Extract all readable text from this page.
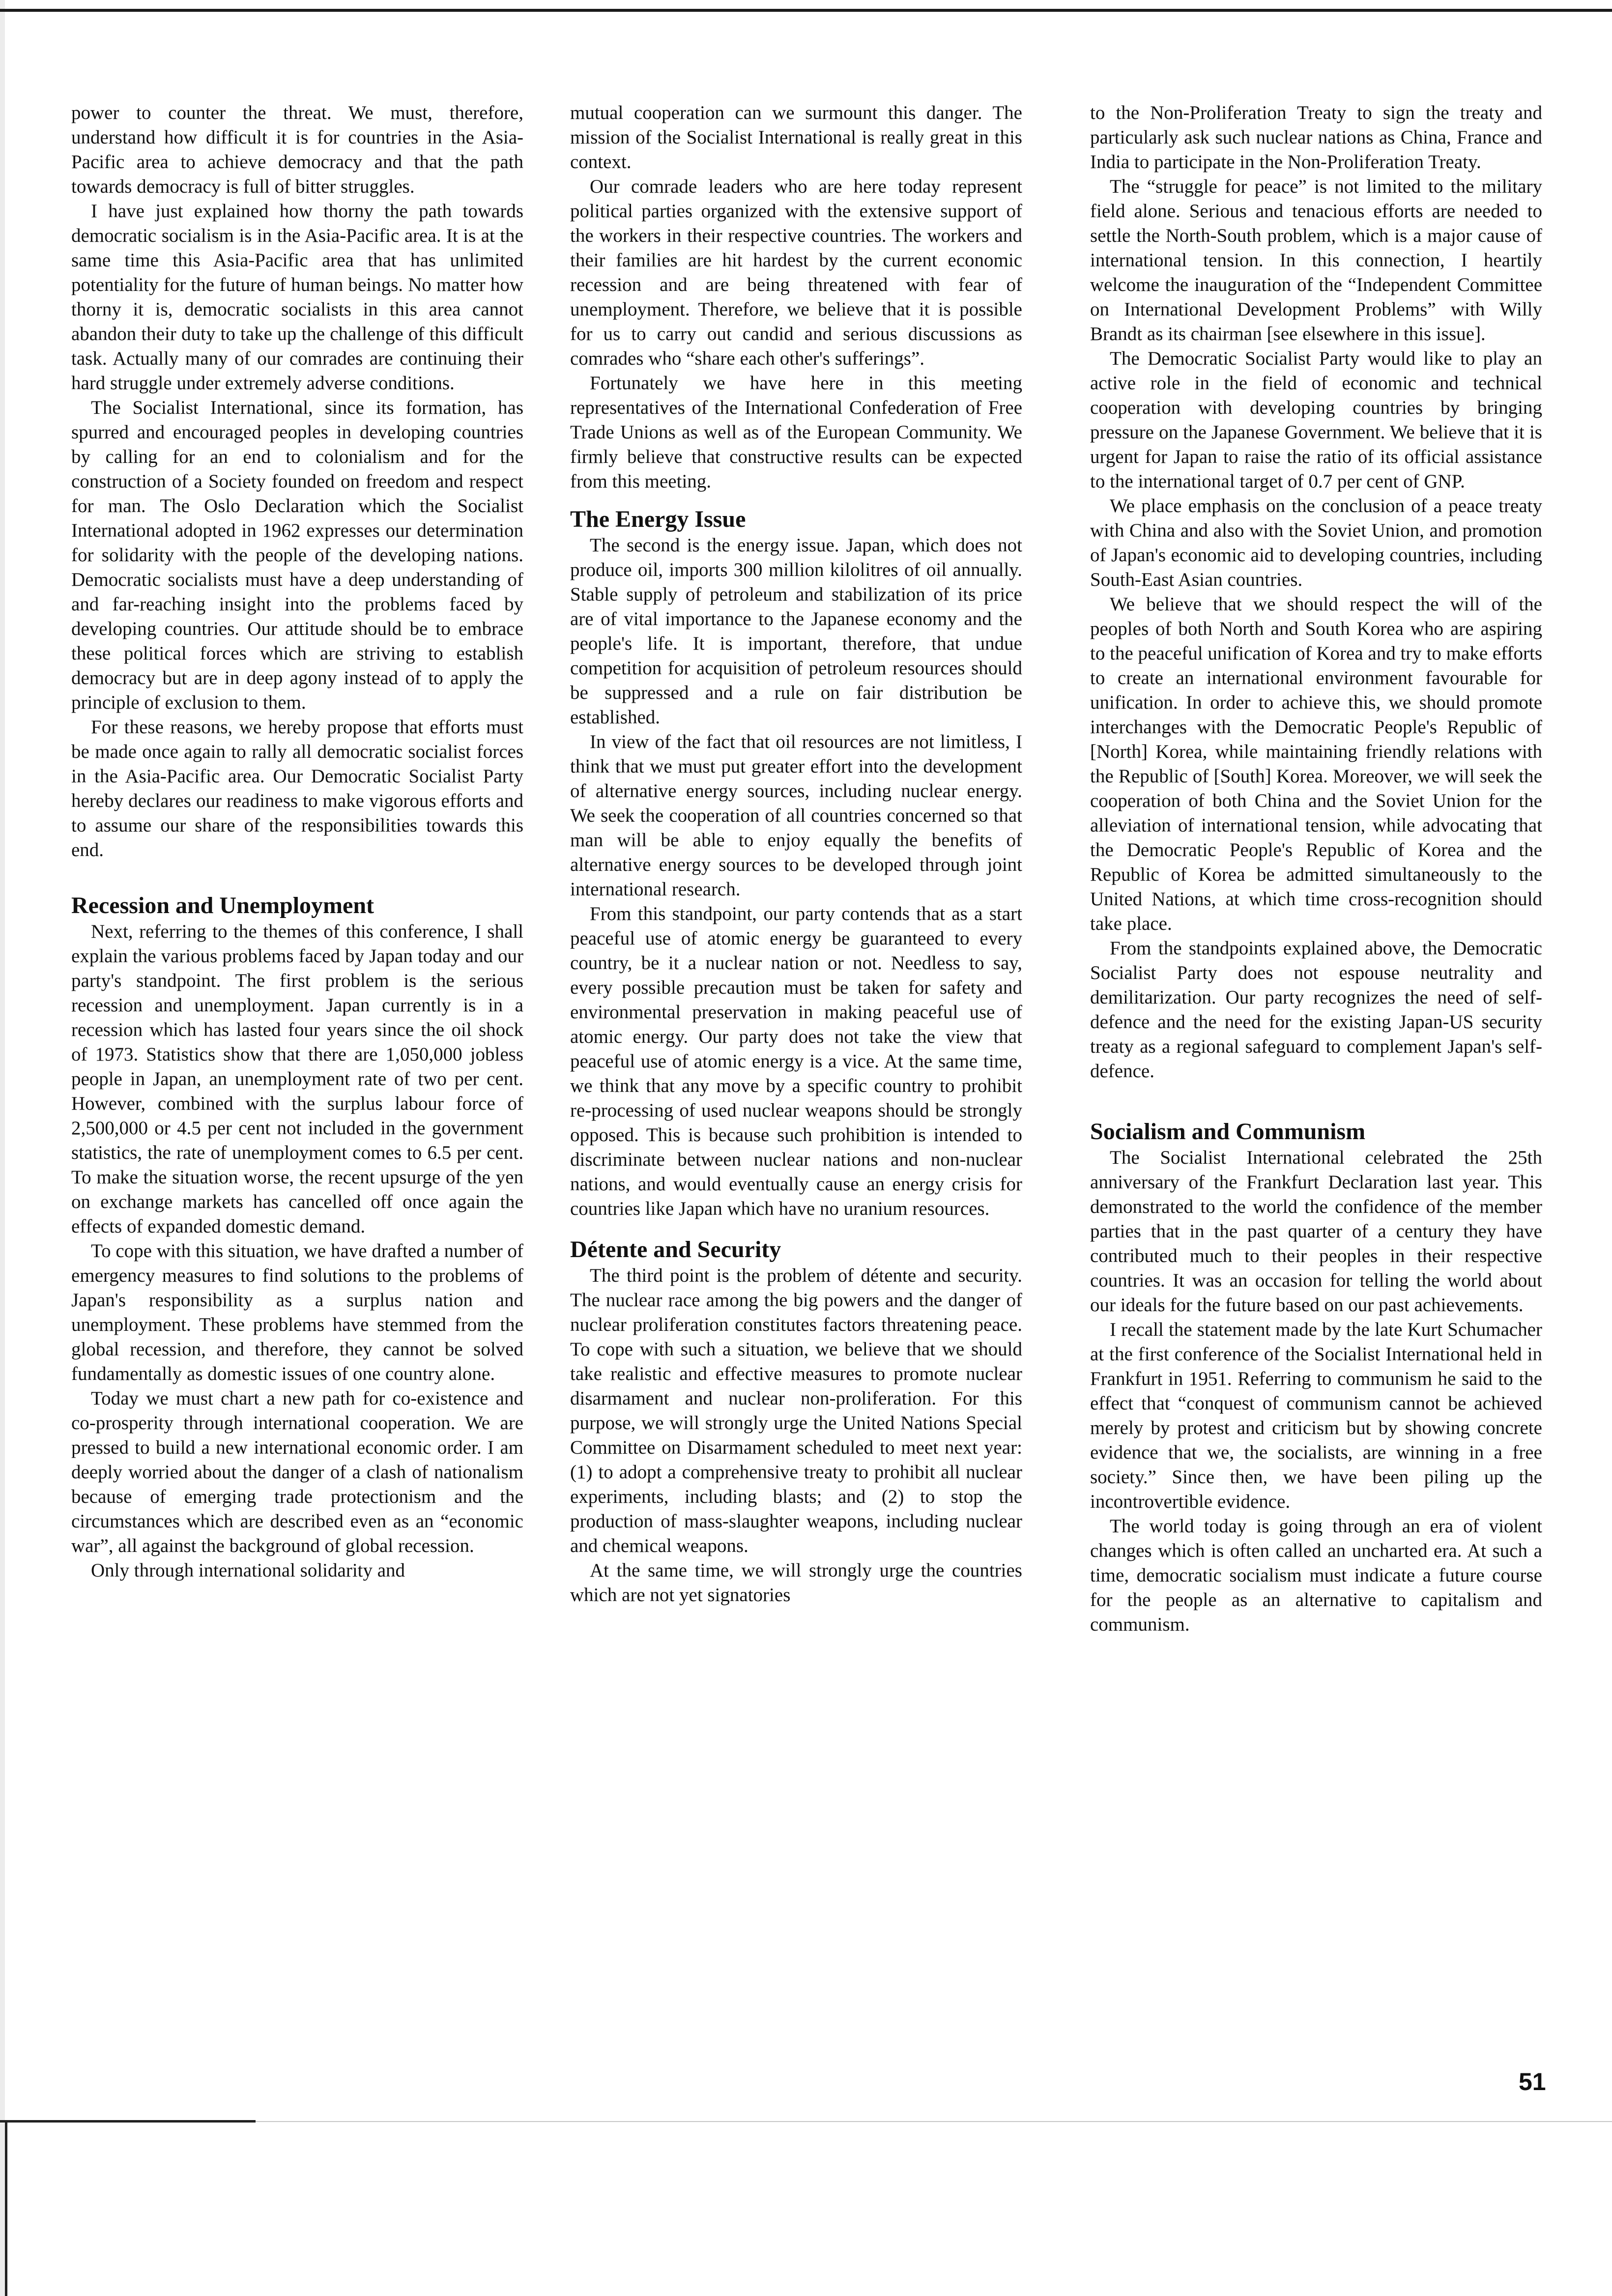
power to counter the threat. We must, therefore, understand how difficult it is for countries in the Asia-Pacific area to achieve democracy and that the path towards democracy is full of bitter struggles.

I have just explained how thorny the path towards democratic socialism is in the Asia-Pacific area. It is at the same time this Asia-Pacific area that has unlimited potentiality for the future of human beings. No matter how thorny it is, democratic socialists in this area cannot abandon their duty to take up the challenge of this difficult task. Actually many of our comrades are continuing their hard struggle under extremely adverse conditions.

The Socialist International, since its formation, has spurred and encouraged peoples in developing countries by calling for an end to colonialism and for the construction of a Society founded on freedom and respect for man. The Oslo Declaration which the Socialist International adopted in 1962 expresses our determination for solidarity with the people of the developing nations. Democratic socialists must have a deep understanding of and far-reaching insight into the problems faced by developing countries. Our attitude should be to embrace these political forces which are striving to establish democracy but are in deep agony instead of to apply the principle of exclusion to them.

For these reasons, we hereby propose that efforts must be made once again to rally all democratic socialist forces in the Asia-Pacific area. Our Democratic Socialist Party hereby declares our readiness to make vigorous efforts and to assume our share of the responsibilities towards this end.

Recession and Unemployment

Next, referring to the themes of this conference, I shall explain the various problems faced by Japan today and our party's standpoint. The first problem is the serious recession and unemployment. Japan currently is in a recession which has lasted four years since the oil shock of 1973. Statistics show that there are 1,050,000 jobless people in Japan, an unemployment rate of two per cent. However, combined with the surplus labour force of 2,500,000 or 4.5 per cent not included in the government statistics, the rate of unemployment comes to 6.5 per cent. To make the situation worse, the recent upsurge of the yen on exchange markets has cancelled off once again the effects of expanded domestic demand.

To cope with this situation, we have drafted a number of emergency measures to find solutions to the problems of Japan's responsibility as a surplus nation and unemployment. These problems have stemmed from the global recession, and therefore, they cannot be solved fundamentally as domestic issues of one country alone.

Today we must chart a new path for co-existence and co-prosperity through international cooperation. We are pressed to build a new international economic order. I am deeply worried about the danger of a clash of nationalism because of emerging trade protectionism and the circumstances which are described even as an “economic war”, all against the background of global recession.

Only through international solidarity and

mutual cooperation can we surmount this danger. The mission of the Socialist International is really great in this context.

Our comrade leaders who are here today represent political parties organized with the extensive support of the workers in their respective countries. The workers and their families are hit hardest by the current economic recession and are being threatened with fear of unemployment. Therefore, we believe that it is possible for us to carry out candid and serious discussions as comrades who “share each other's sufferings”.

Fortunately we have here in this meeting representatives of the International Confederation of Free Trade Unions as well as of the European Community. We firmly believe that constructive results can be expected from this meeting.

The Energy Issue

The second is the energy issue. Japan, which does not produce oil, imports 300 million kilolitres of oil annually. Stable supply of petroleum and stabilization of its price are of vital importance to the Japanese economy and the people's life. It is important, therefore, that undue competition for acquisition of petroleum resources should be suppressed and a rule on fair distribution be established.

In view of the fact that oil resources are not limitless, I think that we must put greater effort into the development of alternative energy sources, including nuclear energy. We seek the cooperation of all countries concerned so that man will be able to enjoy equally the benefits of alternative energy sources to be developed through joint international research.

From this standpoint, our party contends that as a start peaceful use of atomic energy be guaranteed to every country, be it a nuclear nation or not. Needless to say, every possible precaution must be taken for safety and environmental preservation in making peaceful use of atomic energy. Our party does not take the view that peaceful use of atomic energy is a vice. At the same time, we think that any move by a specific country to prohibit re-processing of used nuclear weapons should be strongly opposed. This is because such prohibition is intended to discriminate between nuclear nations and non-nuclear nations, and would eventually cause an energy crisis for countries like Japan which have no uranium resources.

Détente and Security

The third point is the problem of détente and security. The nuclear race among the big powers and the danger of nuclear proliferation constitutes factors threatening peace. To cope with such a situation, we believe that we should take realistic and effective measures to promote nuclear disarmament and nuclear non-proliferation. For this purpose, we will strongly urge the United Nations Special Committee on Disarmament scheduled to meet next year: (1) to adopt a comprehensive treaty to prohibit all nuclear experiments, including blasts; and (2) to stop the production of mass-slaughter weapons, including nuclear and chemical weapons.

At the same time, we will strongly urge the countries which are not yet signatories

to the Non-Proliferation Treaty to sign the treaty and particularly ask such nuclear nations as China, France and India to participate in the Non-Proliferation Treaty.

The “struggle for peace” is not limited to the military field alone. Serious and tenacious efforts are needed to settle the North-South problem, which is a major cause of international tension. In this connection, I heartily welcome the inauguration of the “Independent Committee on International Development Problems” with Willy Brandt as its chairman [see elsewhere in this issue].

The Democratic Socialist Party would like to play an active role in the field of economic and technical cooperation with developing countries by bringing pressure on the Japanese Government. We believe that it is urgent for Japan to raise the ratio of its official assistance to the international target of 0.7 per cent of GNP.

We place emphasis on the conclusion of a peace treaty with China and also with the Soviet Union, and promotion of Japan's economic aid to developing countries, including South-East Asian countries.

We believe that we should respect the will of the peoples of both North and South Korea who are aspiring to the peaceful unification of Korea and try to make efforts to create an international environment favourable for unification. In order to achieve this, we should promote interchanges with the Democratic People's Republic of [North] Korea, while maintaining friendly relations with the Republic of [South] Korea. Moreover, we will seek the cooperation of both China and the Soviet Union for the alleviation of international tension, while advocating that the Democratic People's Republic of Korea and the Republic of Korea be admitted simultaneously to the United Nations, at which time cross-recognition should take place.

From the standpoints explained above, the Democratic Socialist Party does not espouse neutrality and demilitarization. Our party recognizes the need of self-defence and the need for the existing Japan-US security treaty as a regional safeguard to complement Japan's self-defence.

Socialism and Communism

The Socialist International celebrated the 25th anniversary of the Frankfurt Declaration last year. This demonstrated to the world the confidence of the member parties that in the past quarter of a century they have contributed much to their peoples in their respective countries. It was an occasion for telling the world about our ideals for the future based on our past achievements.

I recall the statement made by the late Kurt Schumacher at the first conference of the Socialist International held in Frankfurt in 1951. Referring to communism he said to the effect that “conquest of communism cannot be achieved merely by protest and criticism but by showing concrete evidence that we, the socialists, are winning in a free society.” Since then, we have been piling up the incontrovertible evidence.

The world today is going through an era of violent changes which is often called an uncharted era. At such a time, democratic socialism must indicate a future course for the people as an alternative to capitalism and communism.

51
